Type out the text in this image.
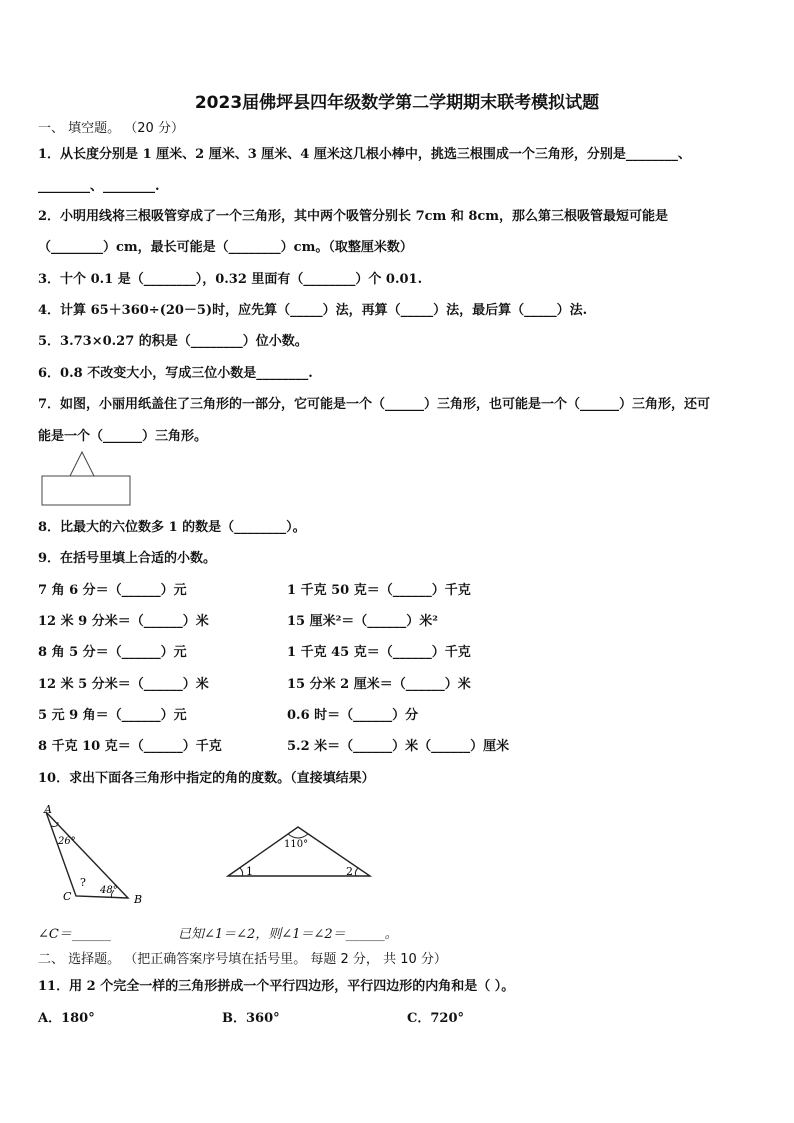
2023届佛坪县四年级数学第二学期期末联考模拟试题
一、 填空题。 （20 分）
1．从长度分别是 1 厘米、2 厘米、3 厘米、4 厘米这几根小棒中，挑选三根围成一个三角形，分别是________、
________、________.
2．小明用线将三根吸管穿成了一个三角形，其中两个吸管分别长 7cm 和 8cm，那么第三根吸管最短可能是
（________）cm，最长可能是（________）cm。（取整厘米数）
3．十个 0.1 是（________），0.32 里面有（________）个 0.01.
4．计算 65＋360÷(20－5)时，应先算（_____）法，再算（_____）法，最后算（_____）法.
5．3.73×0.27 的积是（________）位小数。
6．0.8 不改变大小，写成三位小数是________.
7．如图，小丽用纸盖住了三角形的一部分，它可能是一个（______）三角形，也可能是一个（______）三角形，还可
能是一个（______）三角形。
8．比最大的六位数多 1 的数是（________）。
9．在括号里填上合适的小数。
7 角 6 分＝（______）元	1 千克 50 克＝（______）千克
12 米 9 分米＝（______）米	15 厘米²＝（______）米²
8 角 5 分＝（______）元	1 千克 45 克＝（______）千克
12 米 5 分米＝（______）米	15 分米 2 厘米＝（______）米
5 元 9 角＝（______）元	0.6 时＝（______）分
8 千克 10 克＝（______）千克	5.2 米＝（______）米（______）厘米
10．求出下面各三角形中指定的角的度数。（直接填结果）
A
B
C
26°
48°
?
110°
1	2
∠C＝______	已知∠1＝∠2，则∠1＝∠2＝______。
二、 选择题。 （把正确答案序号填在括号里。 每题 2 分， 共 10 分）
11．用 2 个完全一样的三角形拼成一个平行四边形，平行四边形的内角和是（ ）。
A．180°	B．360°	C．720°
